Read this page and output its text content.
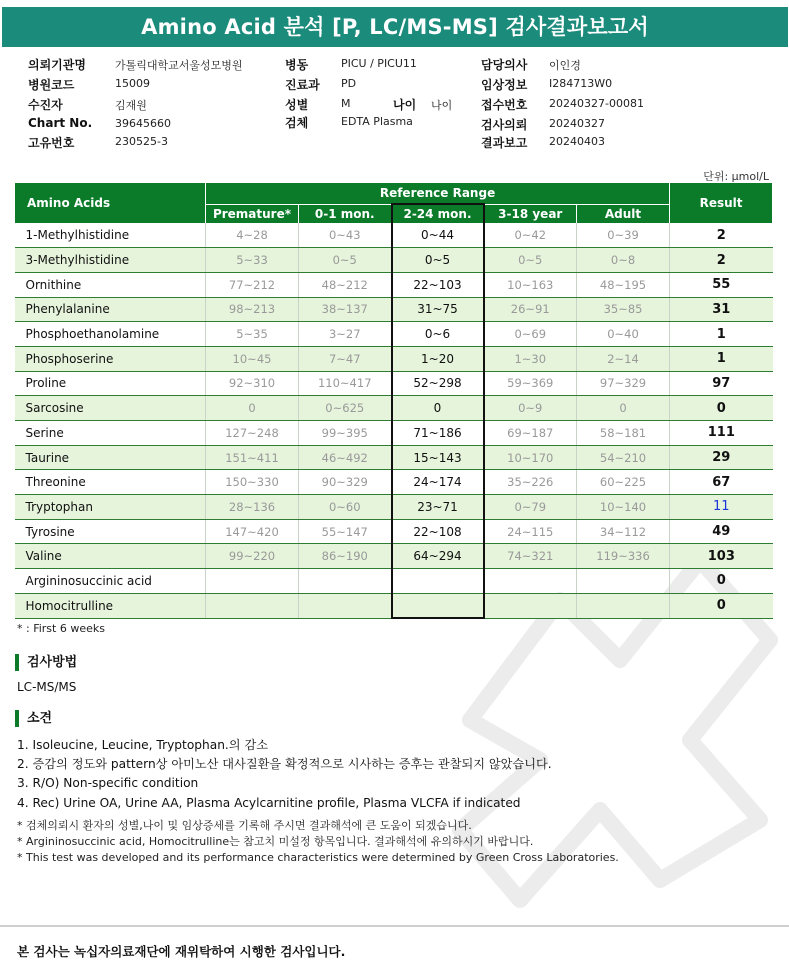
Amino Acid 분석 [P, LC/MS-MS] 검사결과보고서
의뢰기관명	가톨릭대학교서울성모병원
병원코드	15009
수진자	김재원
Chart No. 39645660
고유번호	230525-3
병동	PICU / PICU11
진료과 PD
성별	M	나이 나이
검체	EDTA Plasma
담당의사 이인경
임상정보 I284713W0
접수번호 20240327-00081
검사의뢰 20240327
결과보고 20240403
단위: μmol/L
Amino Acids	Reference Range					Result
	Premature*	0-1 mon.	2-24 mon.	3-18 year	Adult	
1-Methylhistidine	4~28	0~43	0~44	0~42	0~39	2
3-Methylhistidine	5~33	0~5	0~5	0~5	0~8	2
Ornithine	77~212	48~212	22~103	10~163	48~195	55
Phenylalanine	98~213	38~137	31~75	26~91	35~85	31
Phosphoethanolamine	5~35	3~27	0~6	0~69	0~40	1
Phosphoserine	10~45	7~47	1~20	1~30	2~14	1
Proline	92~310	110~417	52~298	59~369	97~329	97
Sarcosine	0	0~625	0	0~9	0	0
Serine	127~248	99~395	71~186	69~187	58~181	111
Taurine	151~411	46~492	15~143	10~170	54~210	29
Threonine	150~330	90~329	24~174	35~226	60~225	67
Tryptophan	28~136	0~60	23~71	0~79	10~140	11
Tyrosine	147~420	55~147	22~108	24~115	34~112	49
Valine	99~220	86~190	64~294	74~321	119~336	103
Argininosuccinic acid						0
Homocitrulline						0
* : First 6 weeks
검사방법
LC-MS/MS
소견
1. Isoleucine, Leucine, Tryptophan.의 감소
2. 증감의 정도와 pattern상 아미노산 대사질환을 확정적으로 시사하는 증후는 관찰되지 않았습니다.
3. R/O) Non-specific condition
4. Rec) Urine OA, Urine AA, Plasma Acylcarnitine profile, Plasma VLCFA if indicated
* 검체의뢰시 환자의 성별,나이 및 임상증세를 기록해 주시면 결과해석에 큰 도움이 되겠습니다.
* Argininosuccinic acid, Homocitrulline는 참고치 미설정 항목입니다. 결과해석에 유의하시기 바랍니다.
* This test was developed and its performance characteristics were determined by Green Cross Laboratories.
본 검사는 녹십자의료재단에 재위탁하여 시행한 검사입니다.
